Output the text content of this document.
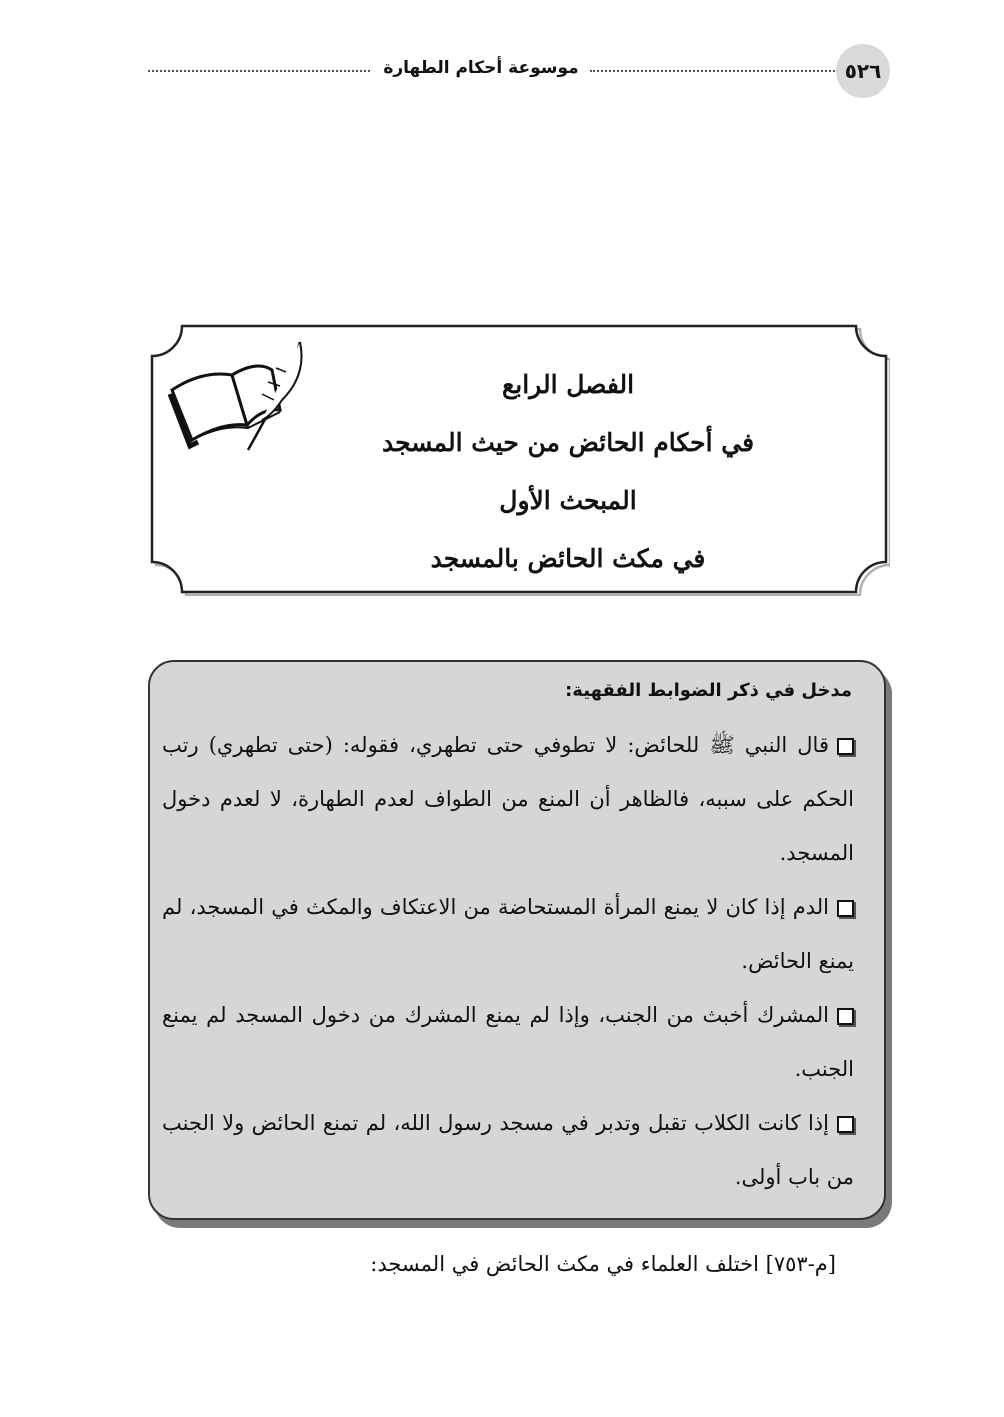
موسوعة أحكام الطهارة	٥٢٦
الفصل الرابع
في أحكام الحائض من حيث المسجد
المبحث الأول
في مكث الحائض بالمسجد
مدخل في ذكر الضوابط الفقهية:

قال النبي ﷺ للحائض: لا تطوفي حتى تطهري، فقوله: (حتى تطهري) رتب الحكم على سببه، فالظاهر أن المنع من الطواف لعدم الطهارة، لا لعدم دخول المسجد.

الدم إذا كان لا يمنع المرأة المستحاضة من الاعتكاف والمكث في المسجد، لم يمنع الحائض.

المشرك أخبث من الجنب، وإذا لم يمنع المشرك من دخول المسجد لم يمنع الجنب.

إذا كانت الكلاب تقبل وتدبر في مسجد رسول الله، لم تمنع الحائض ولا الجنب من باب أولى.

[م-٧٥٣] اختلف العلماء في مكث الحائض في المسجد:
